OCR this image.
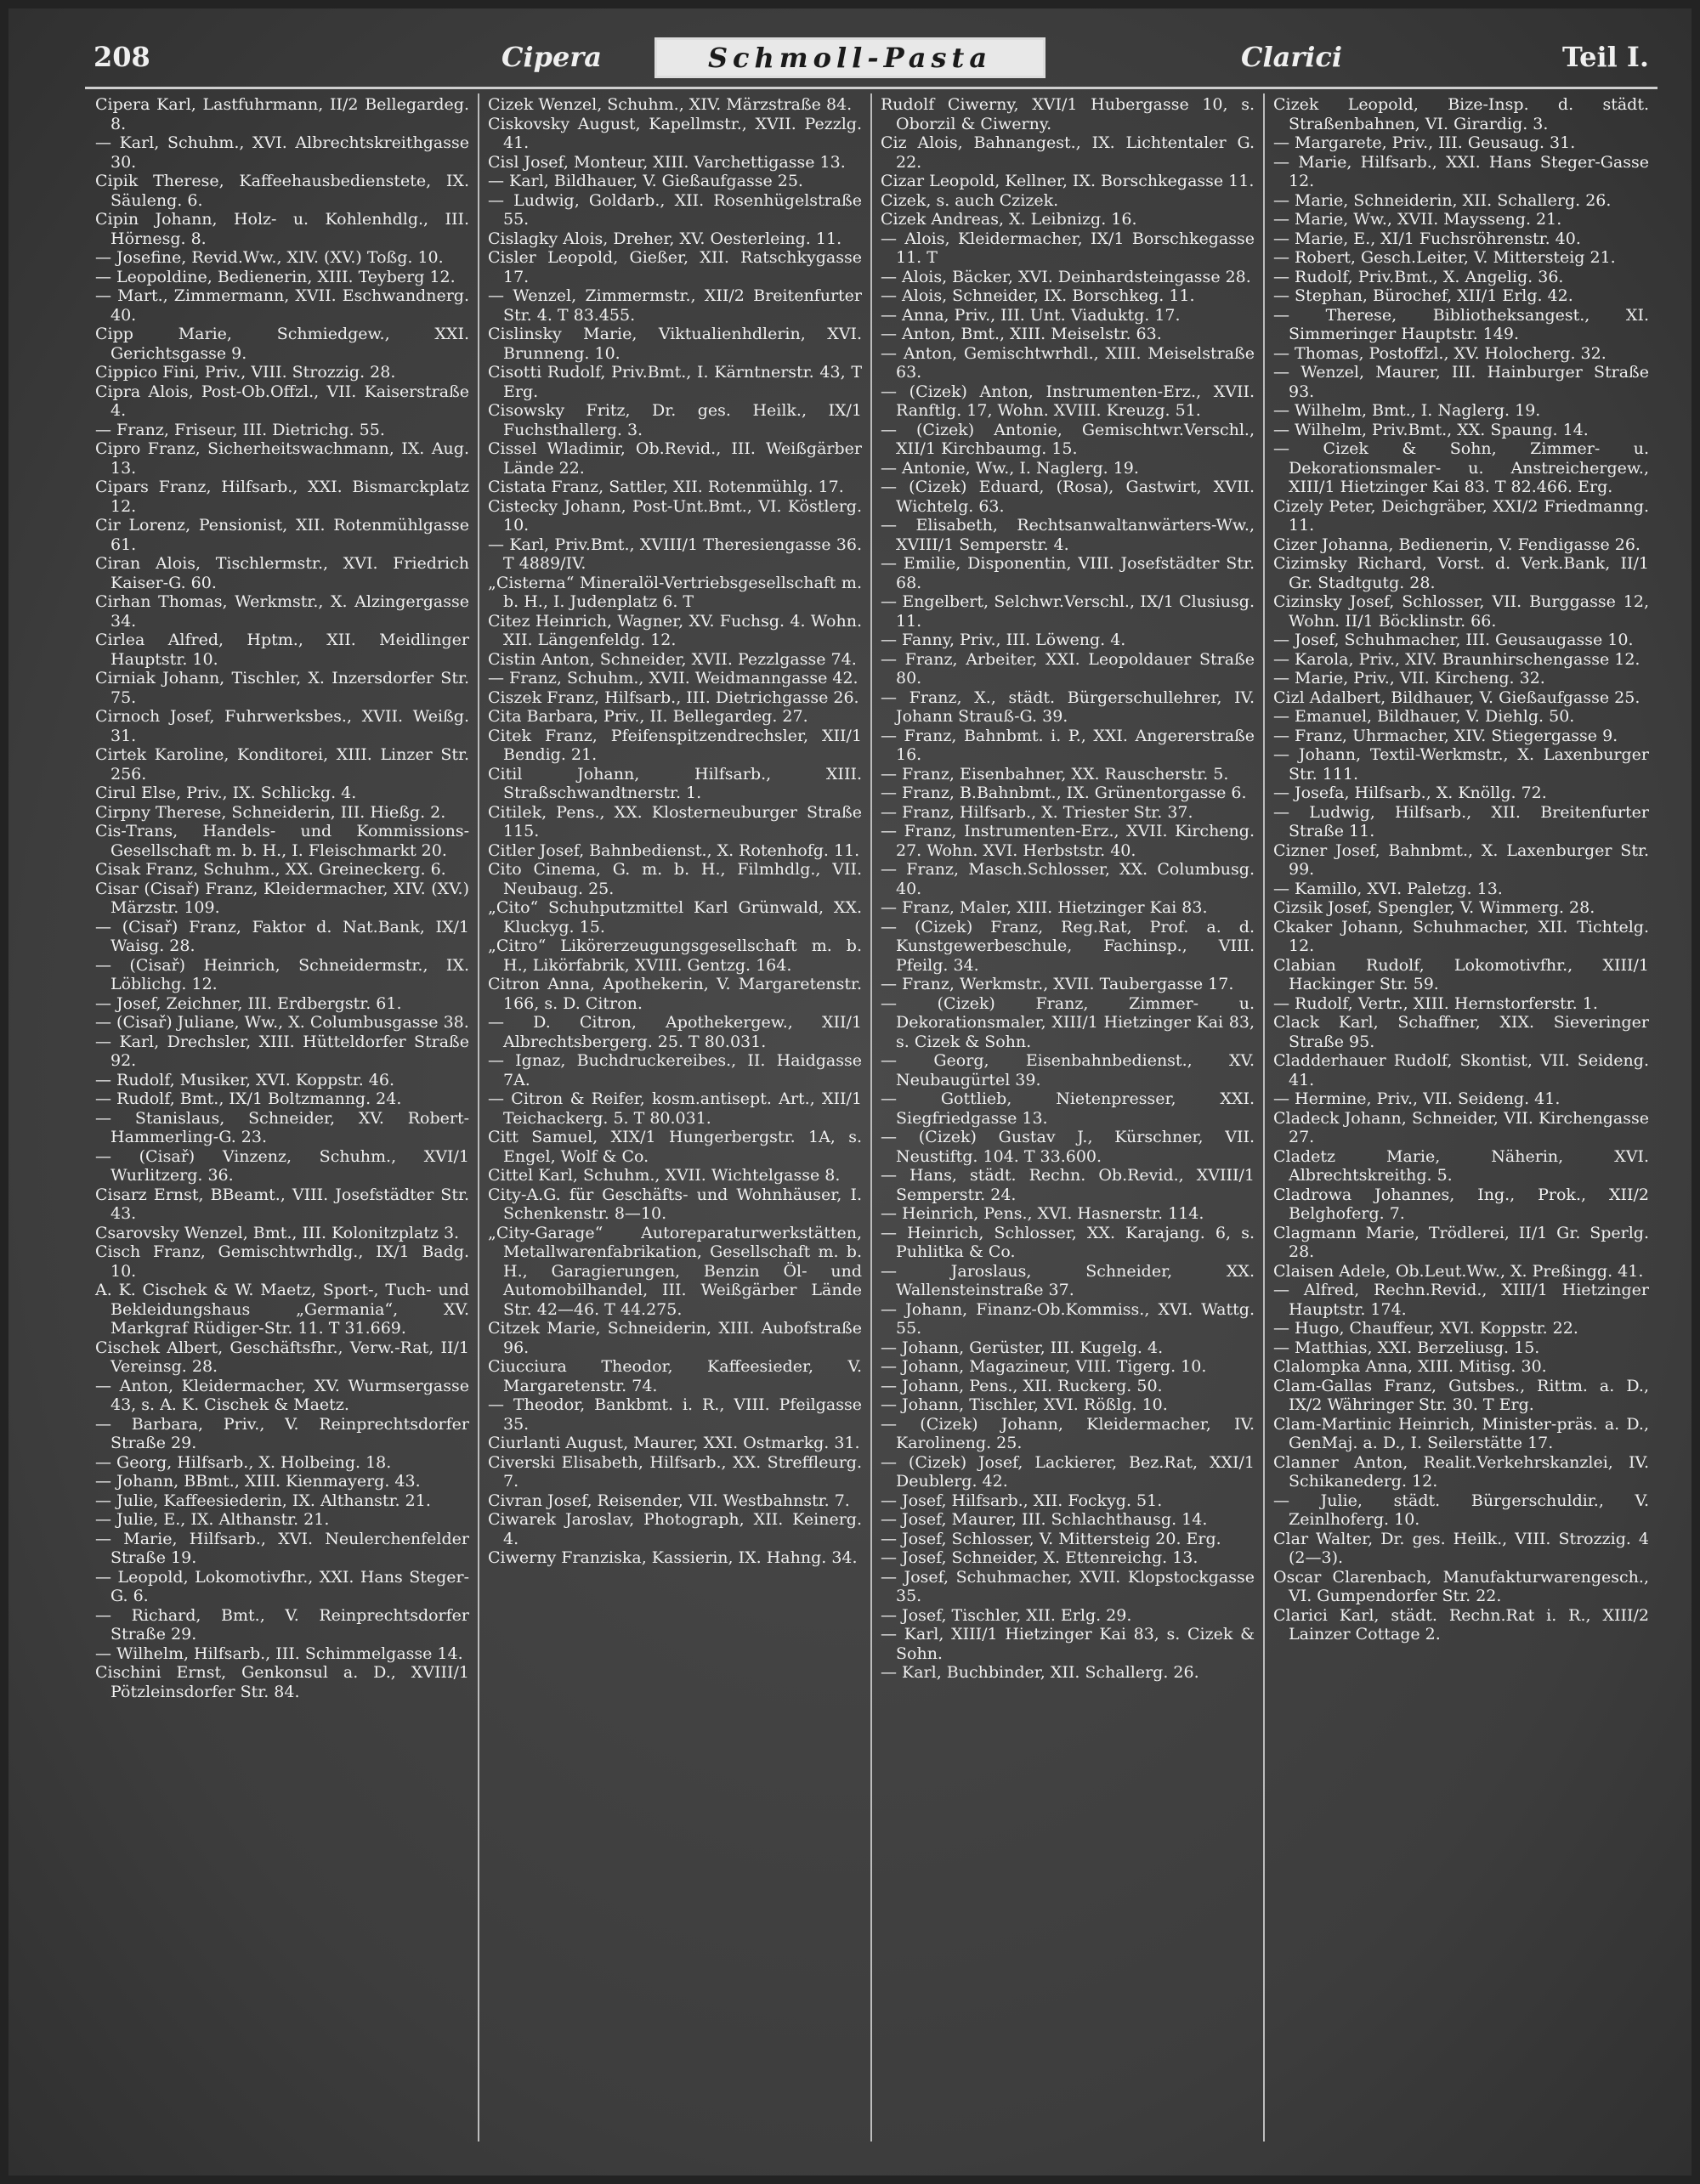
208	Cipera	Schmoll-Pasta	Clarici	Teil I.

Cipera Karl, Lastfuhrmann, II/2 Bellegardeg. 8.

— Karl, Schuhm., XVI. Albrechtskreithgasse 30.

Cipik Therese, Kaffeehausbedienstete, IX. Säuleng. 6.

Cipin Johann, Holz- u. Kohlenhdlg., III. Hörnesg. 8.

— Josefine, Revid.Ww., XIV. (XV.) Toßg. 10.

— Leopoldine, Bedienerin, XIII. Teyberg 12.

— Mart., Zimmermann, XVII. Eschwandnerg. 40.

Cipp Marie, Schmiedgew., XXI. Gerichtsgasse 9.

Cippico Fini, Priv., VIII. Strozzig. 28.

Cipra Alois, Post-Ob.Offzl., VII. Kaiserstraße 4.

— Franz, Friseur, III. Dietrichg. 55.

Cipro Franz, Sicherheitswachmann, IX. Aug. 13.

Cipars Franz, Hilfsarb., XXI. Bismarckplatz 12.

Cir Lorenz, Pensionist, XII. Rotenmühlgasse 61.

Ciran Alois, Tischlermstr., XVI. Friedrich Kaiser-G. 60.

Cirhan Thomas, Werkmstr., X. Alzingergasse 34.

Cirlea Alfred, Hptm., XII. Meidlinger Hauptstr. 10.

Cirniak Johann, Tischler, X. Inzersdorfer Str. 75.

Cirnoch Josef, Fuhrwerksbes., XVII. Weißg. 31.

Cirtek Karoline, Konditorei, XIII. Linzer Str. 256.

Cirul Else, Priv., IX. Schlickg. 4.

Cirpny Therese, Schneiderin, III. Hießg. 2.

Cis-Trans, Handels- und Kommissions-Gesellschaft m. b. H., I. Fleischmarkt 20.

Cisak Franz, Schuhm., XX. Greineckerg. 6.

Cisar (Cisař) Franz, Kleidermacher, XIV. (XV.) Märzstr. 109.

— (Cisař) Franz, Faktor d. Nat.Bank, IX/1 Waisg. 28.

— (Cisař) Heinrich, Schneidermstr., IX. Löblichg. 12.

— Josef, Zeichner, III. Erdbergstr. 61.

— (Cisař) Juliane, Ww., X. Columbusgasse 38.

— Karl, Drechsler, XIII. Hütteldorfer Straße 92.

— Rudolf, Musiker, XVI. Koppstr. 46.

— Rudolf, Bmt., IX/1 Boltzmanng. 24.

— Stanislaus, Schneider, XV. Robert-Hammerling-G. 23.

— (Cisař) Vinzenz, Schuhm., XVI/1 Wurlitzerg. 36.

Cisarz Ernst, BBeamt., VIII. Josefstädter Str. 43.

Csarovsky Wenzel, Bmt., III. Kolonitzplatz 3.

Cisch Franz, Gemischtwrhdlg., IX/1 Badg. 10.

A. K. Cischek & W. Maetz, Sport-, Tuch- und Bekleidungshaus „Germania“, XV. Markgraf Rüdiger-Str. 11. T 31.669.

Cischek Albert, Geschäftsfhr., Verw.-Rat, II/1 Vereinsg. 28.

— Anton, Kleidermacher, XV. Wurmsergasse 43, s. A. K. Cischek & Maetz.

— Barbara, Priv., V. Reinprechtsdorfer Straße 29.

— Georg, Hilfsarb., X. Holbeing. 18.

— Johann, BBmt., XIII. Kienmayerg. 43.

— Julie, Kaffeesiederin, IX. Althanstr. 21.

— Julie, E., IX. Althanstr. 21.

— Marie, Hilfsarb., XVI. Neulerchenfelder Straße 19.

— Leopold, Lokomotivfhr., XXI. Hans Steger-G. 6.

— Richard, Bmt., V. Reinprechtsdorfer Straße 29.

— Wilhelm, Hilfsarb., III. Schimmelgasse 14.

Cischini Ernst, Genkonsul a. D., XVIII/1 Pötzleinsdorfer Str. 84.

Cizek Wenzel, Schuhm., XIV. Märzstraße 84.

Ciskovsky August, Kapellmstr., XVII. Pezzlg. 41.

Cisl Josef, Monteur, XIII. Varchettigasse 13.

— Karl, Bildhauer, V. Gießaufgasse 25.

— Ludwig, Goldarb., XII. Rosenhügelstraße 55.

Cislagky Alois, Dreher, XV. Oesterleing. 11.

Cisler Leopold, Gießer, XII. Ratschkygasse 17.

— Wenzel, Zimmermstr., XII/2 Breitenfurter Str. 4. T 83.455.

Cislinsky Marie, Viktualienhdlerin, XVI. Brunneng. 10.

Cisotti Rudolf, Priv.Bmt., I. Kärntnerstr. 43, T Erg.

Cisowsky Fritz, Dr. ges. Heilk., IX/1 Fuchsthallerg. 3.

Cissel Wladimir, Ob.Revid., III. Weißgärber Lände 22.

Cistata Franz, Sattler, XII. Rotenmühlg. 17.

Cistecky Johann, Post-Unt.Bmt., VI. Köstlerg. 10.

— Karl, Priv.Bmt., XVIII/1 Theresiengasse 36. T 4889/IV.

„Cisterna“ Mineralöl-Vertriebsgesellschaft m. b. H., I. Judenplatz 6. T

Citez Heinrich, Wagner, XV. Fuchsg. 4. Wohn. XII. Längenfeldg. 12.

Cistin Anton, Schneider, XVII. Pezzlgasse 74.

— Franz, Schuhm., XVII. Weidmanngasse 42.

Ciszek Franz, Hilfsarb., III. Dietrichgasse 26.

Cita Barbara, Priv., II. Bellegardeg. 27.

Citek Franz, Pfeifenspitzendrechsler, XII/1 Bendig. 21.

Citil Johann, Hilfsarb., XIII. Straßschwandtnerstr. 1.

Citilek, Pens., XX. Klosterneuburger Straße 115.

Citler Josef, Bahnbedienst., X. Rotenhofg. 11.

Cito Cinema, G. m. b. H., Filmhdlg., VII. Neubaug. 25.

„Cito“ Schuhputzmittel Karl Grünwald, XX. Kluckyg. 15.

„Citro“ Likörerzeugungsgesellschaft m. b. H., Likörfabrik, XVIII. Gentzg. 164.

Citron Anna, Apothekerin, V. Margaretenstr. 166, s. D. Citron.

— D. Citron, Apothekergew., XII/1 Albrechtsbergerg. 25. T 80.031.

— Ignaz, Buchdruckereibes., II. Haidgasse 7A.

— Citron & Reifer, kosm.antisept. Art., XII/1 Teichackerg. 5. T 80.031.

Citt Samuel, XIX/1 Hungerbergstr. 1A, s. Engel, Wolf & Co.

Cittel Karl, Schuhm., XVII. Wichtelgasse 8.

City-A.G. für Geschäfts- und Wohnhäuser, I. Schenkenstr. 8—10.

„City-Garage“ Autoreparaturwerkstätten, Metallwarenfabrikation, Gesellschaft m. b. H., Garagierungen, Benzin Öl- und Automobilhandel, III. Weißgärber Lände Str. 42—46. T 44.275.

Citzek Marie, Schneiderin, XIII. Aubofstraße 96.

Ciucciura Theodor, Kaffeesieder, V. Margaretenstr. 74.

— Theodor, Bankbmt. i. R., VIII. Pfeilgasse 35.

Ciurlanti August, Maurer, XXI. Ostmarkg. 31.

Civerski Elisabeth, Hilfsarb., XX. Streffleurg. 7.

Civran Josef, Reisender, VII. Westbahnstr. 7.

Ciwarek Jaroslav, Photograph, XII. Keinerg. 4.

Ciwerny Franziska, Kassierin, IX. Hahng. 34.

Rudolf Ciwerny, XVI/1 Hubergasse 10, s. Oborzil & Ciwerny.

Ciz Alois, Bahnangest., IX. Lichtentaler G. 22.

Cizar Leopold, Kellner, IX. Borschkegasse 11.

Cizek, s. auch Czizek.

Cizek Andreas, X. Leibnizg. 16.

— Alois, Kleidermacher, IX/1 Borschkegasse 11. T

— Alois, Bäcker, XVI. Deinhardsteingasse 28.

— Alois, Schneider, IX. Borschkeg. 11.

— Anna, Priv., III. Unt. Viaduktg. 17.

— Anton, Bmt., XIII. Meiselstr. 63.

— Anton, Gemischtwrhdl., XIII. Meiselstraße 63.

— (Cizek) Anton, Instrumenten-Erz., XVII. Ranftlg. 17, Wohn. XVIII. Kreuzg. 51.

— (Cizek) Antonie, Gemischtwr.Verschl., XII/1 Kirchbaumg. 15.

— Antonie, Ww., I. Naglerg. 19.

— (Cizek) Eduard, (Rosa), Gastwirt, XVII. Wichtelg. 63.

— Elisabeth, Rechtsanwaltanwärters-Ww., XVIII/1 Semperstr. 4.

— Emilie, Disponentin, VIII. Josefstädter Str. 68.

— Engelbert, Selchwr.Verschl., IX/1 Clusiusg. 11.

— Fanny, Priv., III. Löweng. 4.

— Franz, Arbeiter, XXI. Leopoldauer Straße 80.

— Franz, X., städt. Bürgerschullehrer, IV. Johann Strauß-G. 39.

— Franz, Bahnbmt. i. P., XXI. Angererstraße 16.

— Franz, Eisenbahner, XX. Rauscherstr. 5.

— Franz, B.Bahnbmt., IX. Grünentorgasse 6.

— Franz, Hilfsarb., X. Triester Str. 37.

— Franz, Instrumenten-Erz., XVII. Kircheng. 27. Wohn. XVI. Herbststr. 40.

— Franz, Masch.Schlosser, XX. Columbusg. 40.

— Franz, Maler, XIII. Hietzinger Kai 83.

— (Cizek) Franz, Reg.Rat, Prof. a. d. Kunstgewerbeschule, Fachinsp., VIII. Pfeilg. 34.

— Franz, Werkmstr., XVII. Taubergasse 17.

— (Cizek) Franz, Zimmer- u. Dekorationsmaler, XIII/1 Hietzinger Kai 83, s. Cizek & Sohn.

— Georg, Eisenbahnbedienst., XV. Neubaugürtel 39.

— Gottlieb, Nietenpresser, XXI. Siegfriedgasse 13.

— (Cizek) Gustav J., Kürschner, VII. Neustiftg. 104. T 33.600.

— Hans, städt. Rechn. Ob.Revid., XVIII/1 Semperstr. 24.

— Heinrich, Pens., XVI. Hasnerstr. 114.

— Heinrich, Schlosser, XX. Karajang. 6, s. Puhlitka & Co.

— Jaroslaus, Schneider, XX. Wallensteinstraße 37.

— Johann, Finanz-Ob.Kommiss., XVI. Wattg. 55.

— Johann, Gerüster, III. Kugelg. 4.

— Johann, Magazineur, VIII. Tigerg. 10.

— Johann, Pens., XII. Ruckerg. 50.

— Johann, Tischler, XVI. Rößlg. 10.

— (Cizek) Johann, Kleidermacher, IV. Karolineng. 25.

— (Cizek) Josef, Lackierer, Bez.Rat, XXI/1 Deublerg. 42.

— Josef, Hilfsarb., XII. Fockyg. 51.

— Josef, Maurer, III. Schlachthausg. 14.

— Josef, Schlosser, V. Mittersteig 20. Erg.

— Josef, Schneider, X. Ettenreichg. 13.

— Josef, Schuhmacher, XVII. Klopstockgasse 35.

— Josef, Tischler, XII. Erlg. 29.

— Karl, XIII/1 Hietzinger Kai 83, s. Cizek & Sohn.

— Karl, Buchbinder, XII. Schallerg. 26.

Cizek Leopold, Bize-Insp. d. städt. Straßenbahnen, VI. Girardig. 3.

— Margarete, Priv., III. Geusaug. 31.

— Marie, Hilfsarb., XXI. Hans Steger-Gasse 12.

— Marie, Schneiderin, XII. Schallerg. 26.

— Marie, Ww., XVII. Maysseng. 21.

— Marie, E., XI/1 Fuchsröhrenstr. 40.

— Robert, Gesch.Leiter, V. Mittersteig 21.

— Rudolf, Priv.Bmt., X. Angelig. 36.

— Stephan, Bürochef, XII/1 Erlg. 42.

— Therese, Bibliotheksangest., XI. Simmeringer Hauptstr. 149.

— Thomas, Postoffzl., XV. Holocherg. 32.

— Wenzel, Maurer, III. Hainburger Straße 93.

— Wilhelm, Bmt., I. Naglerg. 19.

— Wilhelm, Priv.Bmt., XX. Spaung. 14.

— Cizek & Sohn, Zimmer- u. Dekorationsmaler- u. Anstreichergew., XIII/1 Hietzinger Kai 83. T 82.466. Erg.

Cizely Peter, Deichgräber, XXI/2 Friedmanng. 11.

Cizer Johanna, Bedienerin, V. Fendigasse 26.

Cizimsky Richard, Vorst. d. Verk.Bank, II/1 Gr. Stadtgutg. 28.

Cizinsky Josef, Schlosser, VII. Burggasse 12, Wohn. II/1 Böcklinstr. 66.

— Josef, Schuhmacher, III. Geusaugasse 10.

— Karola, Priv., XIV. Braunhirschengasse 12.

— Marie, Priv., VII. Kircheng. 32.

Cizl Adalbert, Bildhauer, V. Gießaufgasse 25.

— Emanuel, Bildhauer, V. Diehlg. 50.

— Franz, Uhrmacher, XIV. Stiegergasse 9.

— Johann, Textil-Werkmstr., X. Laxenburger Str. 111.

— Josefa, Hilfsarb., X. Knöllg. 72.

— Ludwig, Hilfsarb., XII. Breitenfurter Straße 11.

Cizner Josef, Bahnbmt., X. Laxenburger Str. 99.

— Kamillo, XVI. Paletzg. 13.

Cizsik Josef, Spengler, V. Wimmerg. 28.

Ckaker Johann, Schuhmacher, XII. Tichtelg. 12.

Clabian Rudolf, Lokomotivfhr., XIII/1 Hackinger Str. 59.

— Rudolf, Vertr., XIII. Hernstorferstr. 1.

Clack Karl, Schaffner, XIX. Sieveringer Straße 95.

Cladderhauer Rudolf, Skontist, VII. Seideng. 41.

— Hermine, Priv., VII. Seideng. 41.

Cladeck Johann, Schneider, VII. Kirchengasse 27.

Cladetz Marie, Näherin, XVI. Albrechtskreithg. 5.

Cladrowa Johannes, Ing., Prok., XII/2 Belghoferg. 7.

Clagmann Marie, Trödlerei, II/1 Gr. Sperlg. 28.

Claisen Adele, Ob.Leut.Ww., X. Preßingg. 41.

— Alfred, Rechn.Revid., XIII/1 Hietzinger Hauptstr. 174.

— Hugo, Chauffeur, XVI. Koppstr. 22.

— Matthias, XXI. Berzeliusg. 15.

Clalompka Anna, XIII. Mitisg. 30.

Clam-Gallas Franz, Gutsbes., Rittm. a. D., IX/2 Währinger Str. 30. T Erg.

Clam-Martinic Heinrich, Minister-präs. a. D., GenMaj. a. D., I. Seilerstätte 17.

Clanner Anton, Realit.Verkehrskanzlei, IV. Schikanederg. 12.

— Julie, städt. Bürgerschuldir., V. Zeinlhoferg. 10.

Clar Walter, Dr. ges. Heilk., VIII. Strozzig. 4 (2—3).

Oscar Clarenbach, Manufakturwarengesch., VI. Gumpendorfer Str. 22.

Clarici Karl, städt. Rechn.Rat i. R., XIII/2 Lainzer Cottage 2.
